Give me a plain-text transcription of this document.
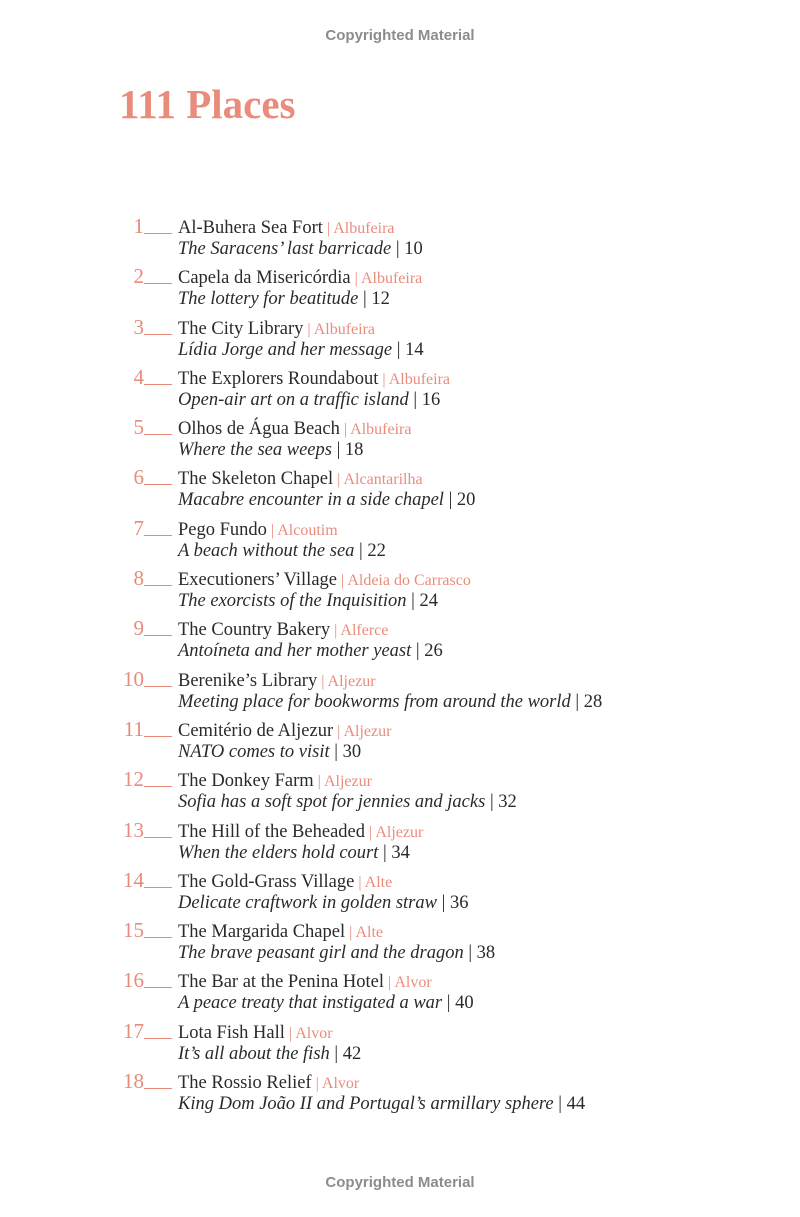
Copyrighted Material
111 Places
1 Al-Buhera Sea Fort | Albufeira
The Saracens’ last barricade | 10
2 Capela da Misericórdia | Albufeira
The lottery for beatitude | 12
3 The City Library | Albufeira
Lídia Jorge and her message | 14
4 The Explorers Roundabout | Albufeira
Open-air art on a traffic island | 16
5 Olhos de Água Beach | Albufeira
Where the sea weeps | 18
6 The Skeleton Chapel | Alcantarilha
Macabre encounter in a side chapel | 20
7 Pego Fundo | Alcoutim
A beach without the sea | 22
8 Executioners’ Village | Aldeia do Carrasco
The exorcists of the Inquisition | 24
9 The Country Bakery | Alferce
Antoíneta and her mother yeast | 26
10 Berenike’s Library | Aljezur
Meeting place for bookworms from around the world | 28
11 Cemitério de Aljezur | Aljezur
NATO comes to visit | 30
12 The Donkey Farm | Aljezur
Sofia has a soft spot for jennies and jacks | 32
13 The Hill of the Beheaded | Aljezur
When the elders hold court | 34
14 The Gold-Grass Village | Alte
Delicate craftwork in golden straw | 36
15 The Margarida Chapel | Alte
The brave peasant girl and the dragon | 38
16 The Bar at the Penina Hotel | Alvor
A peace treaty that instigated a war | 40
17 Lota Fish Hall | Alvor
It’s all about the fish | 42
18 The Rossio Relief | Alvor
King Dom João II and Portugal’s armillary sphere | 44
Copyrighted Material
